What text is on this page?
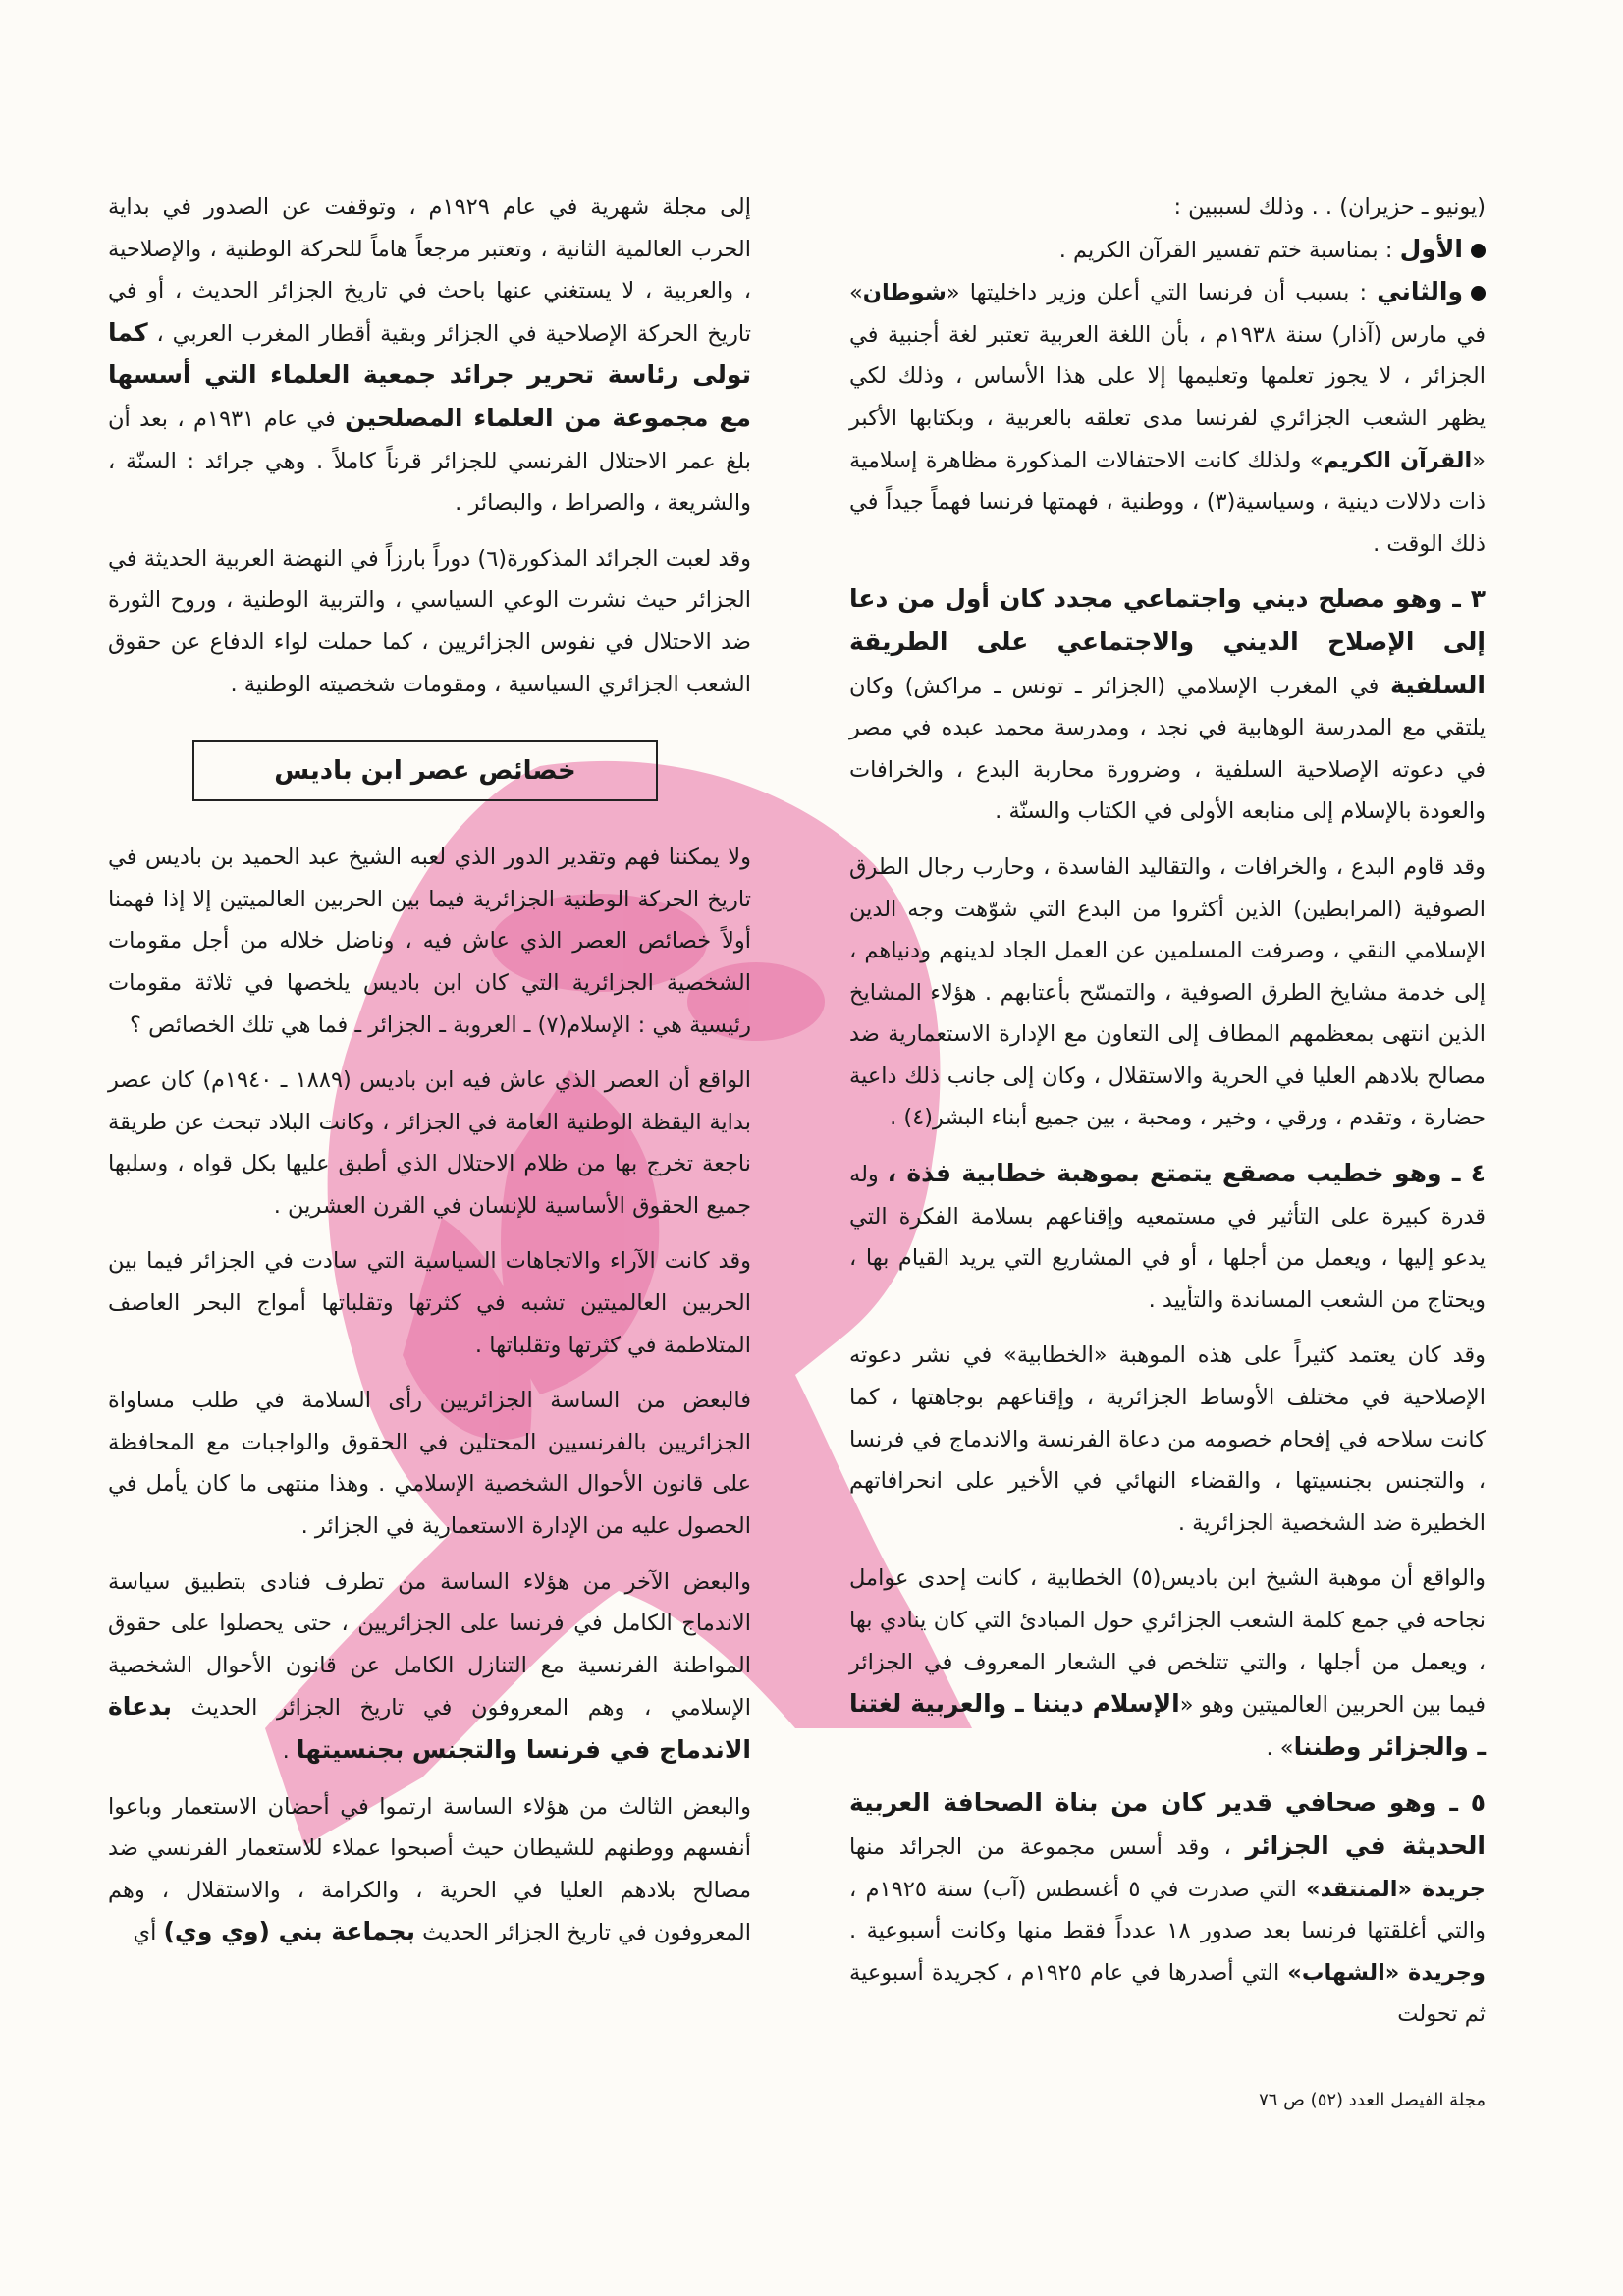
(يونيو ـ حزيران) . . وذلك لسببين :

الأول : بمناسبة ختم تفسير القرآن الكريم .

والثاني : بسبب أن فرنسا التي أعلن وزير داخليتها «شوطان» في مارس (آذار) سنة ١٩٣٨م ، بأن اللغة العربية تعتبر لغة أجنبية في الجزائر ، لا يجوز تعلمها وتعليمها إلا على هذا الأساس ، وذلك لكي يظهر الشعب الجزائري لفرنسا مدى تعلقه بالعربية ، وبكتابها الأكبر «القرآن الكريم» ولذلك كانت الاحتفالات المذكورة مظاهرة إسلامية ذات دلالات دينية ، وسياسية(٣) ، ووطنية ، فهمتها فرنسا فهماً جيداً في ذلك الوقت .

٣ ـ وهو مصلح ديني واجتماعي مجدد كان أول من دعا إلى الإصلاح الديني والاجتماعي على الطريقة السلفية في المغرب الإسلامي (الجزائر ـ تونس ـ مراكش) وكان يلتقي مع المدرسة الوهابية في نجد ، ومدرسة محمد عبده في مصر في دعوته الإصلاحية السلفية ، وضرورة محاربة البدع ، والخرافات والعودة بالإسلام إلى منابعه الأولى في الكتاب والسنّة .

وقد قاوم البدع ، والخرافات ، والتقاليد الفاسدة ، وحارب رجال الطرق الصوفية (المرابطين) الذين أكثروا من البدع التي شوّهت وجه الدين الإسلامي النقي ، وصرفت المسلمين عن العمل الجاد لدينهم ودنياهم ، إلى خدمة مشايخ الطرق الصوفية ، والتمسّح بأعتابهم . هؤلاء المشايخ الذين انتهى بمعظمهم المطاف إلى التعاون مع الإدارة الاستعمارية ضد مصالح بلادهم العليا في الحرية والاستقلال ، وكان إلى جانب ذلك داعية حضارة ، وتقدم ، ورقي ، وخير ، ومحبة ، بين جميع أبناء البشر(٤) .

٤ ـ وهو خطيب مصقع يتمتع بموهبة خطابية فذة ، وله قدرة كبيرة على التأثير في مستمعيه وإقناعهم بسلامة الفكرة التي يدعو إليها ، ويعمل من أجلها ، أو في المشاريع التي يريد القيام بها ، ويحتاج من الشعب المساندة والتأييد .

وقد كان يعتمد كثيراً على هذه الموهبة «الخطابية» في نشر دعوته الإصلاحية في مختلف الأوساط الجزائرية ، وإقناعهم بوجاهتها ، كما كانت سلاحه في إفحام خصومه من دعاة الفرنسة والاندماج في فرنسا ، والتجنس بجنسيتها ، والقضاء النهائي في الأخير على انحرافاتهم الخطيرة ضد الشخصية الجزائرية .

والواقع أن موهبة الشيخ ابن باديس(٥) الخطابية ، كانت إحدى عوامل نجاحه في جمع كلمة الشعب الجزائري حول المبادئ التي كان ينادي بها ، ويعمل من أجلها ، والتي تتلخص في الشعار المعروف في الجزائر فيما بين الحربين العالميتين وهو «الإسلام ديننا ـ والعربية لغتنا ـ والجزائر وطننا» .

٥ ـ وهو صحافي قدير كان من بناة الصحافة العربية الحديثة في الجزائر ، وقد أسس مجموعة من الجرائد منها جريدة «المنتقد» التي صدرت في ٥ أغسطس (آب) سنة ١٩٢٥م ، والتي أغلقتها فرنسا بعد صدور ١٨ عدداً فقط منها وكانت أسبوعية . وجريدة «الشهاب» التي أصدرها في عام ١٩٢٥م ، كجريدة أسبوعية ثم تحولت

إلى مجلة شهرية في عام ١٩٢٩م ، وتوقفت عن الصدور في بداية الحرب العالمية الثانية ، وتعتبر مرجعاً هاماً للحركة الوطنية ، والإصلاحية ، والعربية ، لا يستغني عنها باحث في تاريخ الجزائر الحديث ، أو في تاريخ الحركة الإصلاحية في الجزائر وبقية أقطار المغرب العربي ، كما تولى رئاسة تحرير جرائد جمعية العلماء التي أسسها مع مجموعة من العلماء المصلحين في عام ١٩٣١م ، بعد أن بلغ عمر الاحتلال الفرنسي للجزائر قرناً كاملاً . وهي جرائد : السنّة ، والشريعة ، والصراط ، والبصائر .

وقد لعبت الجرائد المذكورة(٦) دوراً بارزاً في النهضة العربية الحديثة في الجزائر حيث نشرت الوعي السياسي ، والتربية الوطنية ، وروح الثورة ضد الاحتلال في نفوس الجزائريين ، كما حملت لواء الدفاع عن حقوق الشعب الجزائري السياسية ، ومقومات شخصيته الوطنية .

خصائص عصر ابن باديس

ولا يمكننا فهم وتقدير الدور الذي لعبه الشيخ عبد الحميد بن باديس في تاريخ الحركة الوطنية الجزائرية فيما بين الحربين العالميتين إلا إذا فهمنا أولاً خصائص العصر الذي عاش فيه ، وناضل خلاله من أجل مقومات الشخصية الجزائرية التي كان ابن باديس يلخصها في ثلاثة مقومات رئيسية هي : الإسلام(٧) ـ العروبة ـ الجزائر ـ فما هي تلك الخصائص ؟

الواقع أن العصر الذي عاش فيه ابن باديس (١٨٨٩ ـ ١٩٤٠م) كان عصر بداية اليقظة الوطنية العامة في الجزائر ، وكانت البلاد تبحث عن طريقة ناجعة تخرج بها من ظلام الاحتلال الذي أطبق عليها بكل قواه ، وسلبها جميع الحقوق الأساسية للإنسان في القرن العشرين .

وقد كانت الآراء والاتجاهات السياسية التي سادت في الجزائر فيما بين الحربين العالميتين تشبه في كثرتها وتقلباتها أمواج البحر العاصف المتلاطمة في كثرتها وتقلباتها .

فالبعض من الساسة الجزائريين رأى السلامة في طلب مساواة الجزائريين بالفرنسيين المحتلين في الحقوق والواجبات مع المحافظة على قانون الأحوال الشخصية الإسلامي . وهذا منتهى ما كان يأمل في الحصول عليه من الإدارة الاستعمارية في الجزائر .

والبعض الآخر من هؤلاء الساسة من تطرف فنادى بتطبيق سياسة الاندماج الكامل في فرنسا على الجزائريين ، حتى يحصلوا على حقوق المواطنة الفرنسية مع التنازل الكامل عن قانون الأحوال الشخصية الإسلامي ، وهم المعروفون في تاريخ الجزائر الحديث بدعاة الاندماج في فرنسا والتجنس بجنسيتها .

والبعض الثالث من هؤلاء الساسة ارتموا في أحضان الاستعمار وباعوا أنفسهم ووطنهم للشيطان حيث أصبحوا عملاء للاستعمار الفرنسي ضد مصالح بلادهم العليا في الحرية ، والكرامة ، والاستقلال ، وهم المعروفون في تاريخ الجزائر الحديث بجماعة بني (وي وي) أي

مجلة الفيصل العدد (٥٢) ص ٧٦
